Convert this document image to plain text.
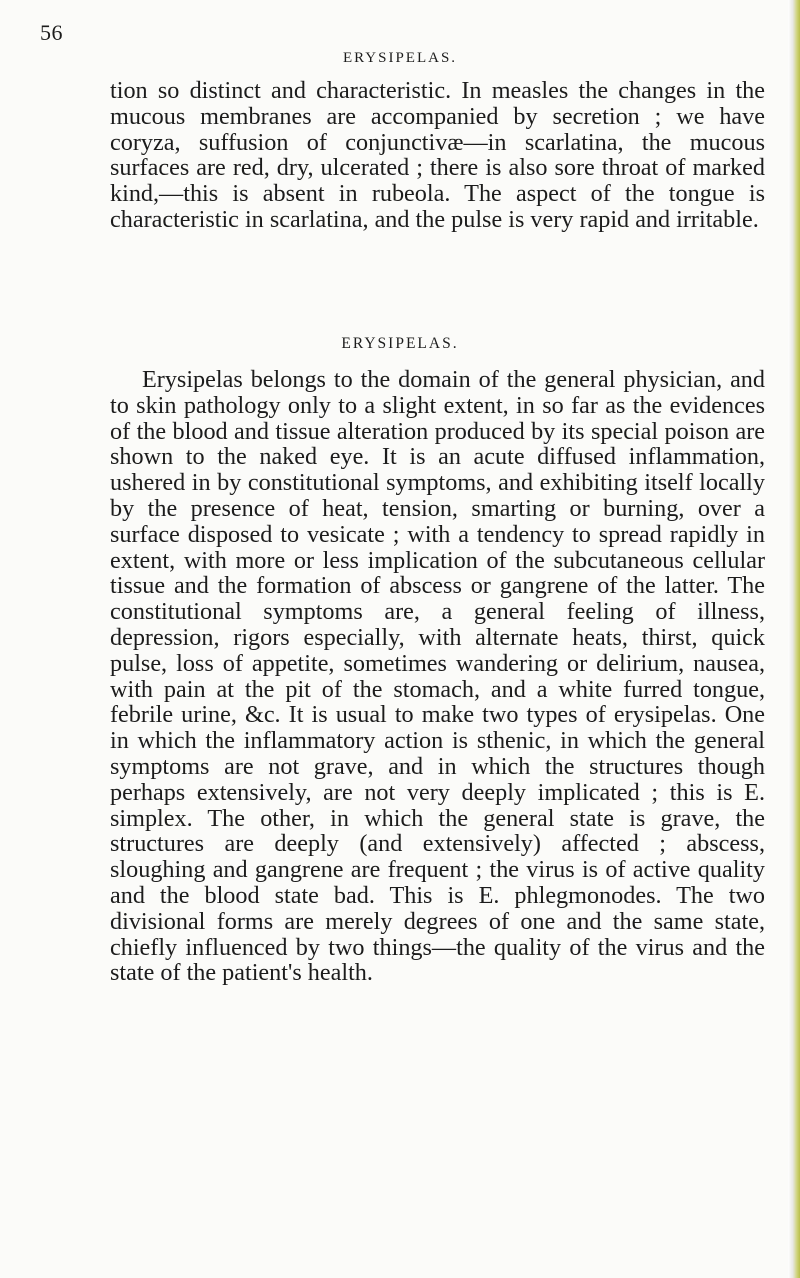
56
ERYSIPELAS.
tion so distinct and characteristic. In measles the changes in the mucous membranes are accompanied by secretion ; we have coryza, suffusion of conjunctivæ—in scarlatina, the mucous surfaces are red, dry, ulcerated ; there is also sore throat of marked kind,—this is absent in rubeola. The aspect of the tongue is characteristic in scarlatina, and the pulse is very rapid and irritable.
ERYSIPELAS.
Erysipelas belongs to the domain of the general physician, and to skin pathology only to a slight extent, in so far as the evidences of the blood and tissue alteration produced by its special poison are shown to the naked eye. It is an acute diffused inflammation, ushered in by constitutional symptoms, and exhibiting itself locally by the presence of heat, tension, smarting or burning, over a surface disposed to vesicate ; with a tendency to spread rapidly in extent, with more or less implication of the subcutaneous cellular tissue and the formation of abscess or gangrene of the latter. The constitutional symptoms are, a general feeling of illness, depression, rigors especially, with alternate heats, thirst, quick pulse, loss of appetite, sometimes wandering or delirium, nausea, with pain at the pit of the stomach, and a white furred tongue, febrile urine, &c. It is usual to make two types of erysipelas. One in which the inflammatory action is sthenic, in which the general symptoms are not grave, and in which the structures though perhaps extensively, are not very deeply implicated ; this is E. simplex. The other, in which the general state is grave, the structures are deeply (and extensively) affected ; abscess, sloughing and gangrene are frequent ; the virus is of active quality and the blood state bad. This is E. phlegmonodes. The two divisional forms are merely degrees of one and the same state, chiefly influenced by two things—the quality of the virus and the state of the patient's health.
